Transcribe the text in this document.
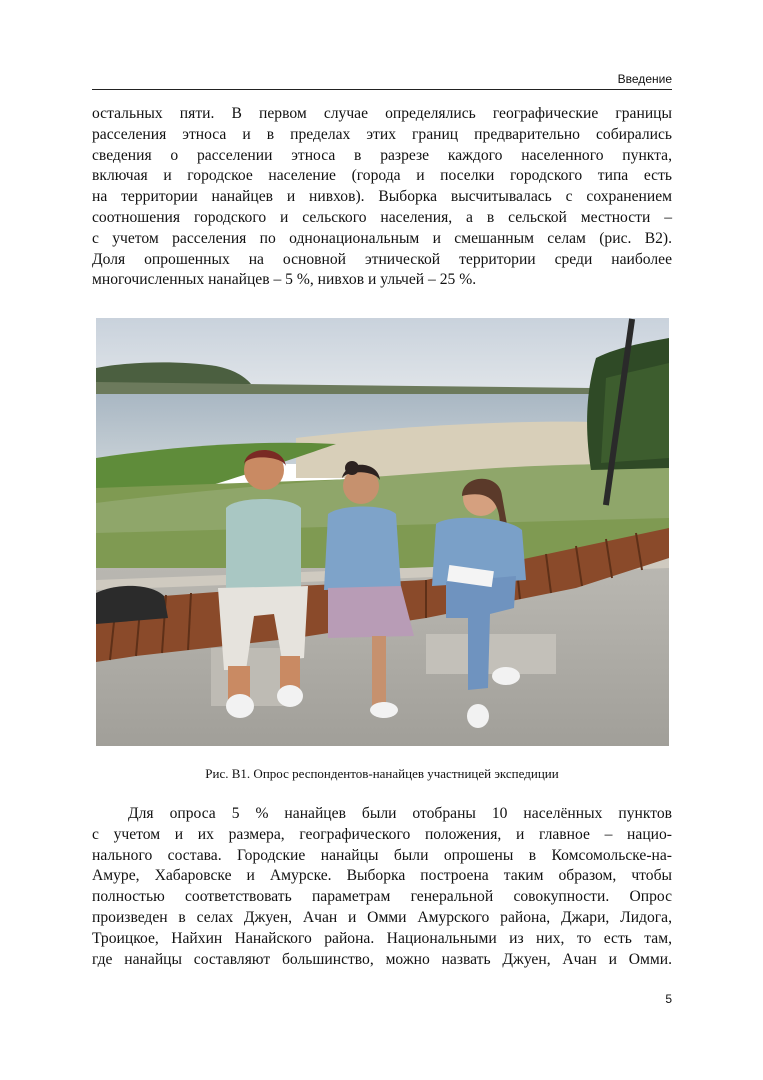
Введение
остальных пяти. В первом случае определялись географические границы
расселения этноса и в пределах этих границ предварительно собирались
сведения о расселении этноса в разрезе каждого населенного пункта,
включая и городское население (города и поселки городского типа есть
на территории нанайцев и нивхов). Выборка высчитывалась с сохранением
соотношения городского и сельского населения, а в сельской местности –
с учетом расселения по однонациональным и смешанным селам (рис. В2).
Доля опрошенных на основной этнической территории среди наиболее
многочисленных нанайцев – 5 %, нивхов и ульчей – 25 %.
Рис. В1. Опрос респондентов-нанайцев участницей экспедиции
Для опроса 5 % нанайцев были отобраны 10 населённых пунктов
с учетом и их размера, географического положения, и главное – нацио-
нального состава. Городские нанайцы были опрошены в Комсомольске-на-
Амуре, Хабаровске и Амурске. Выборка построена таким образом, чтобы
полностью соответствовать параметрам генеральной совокупности. Опрос
произведен в селах Джуен, Ачан и Омми Амурского района, Джари, Лидога,
Троицкое, Найхин Нанайского района. Национальными из них, то есть там,
где нанайцы составляют большинство, можно назвать Джуен, Ачан и Омми.
5
